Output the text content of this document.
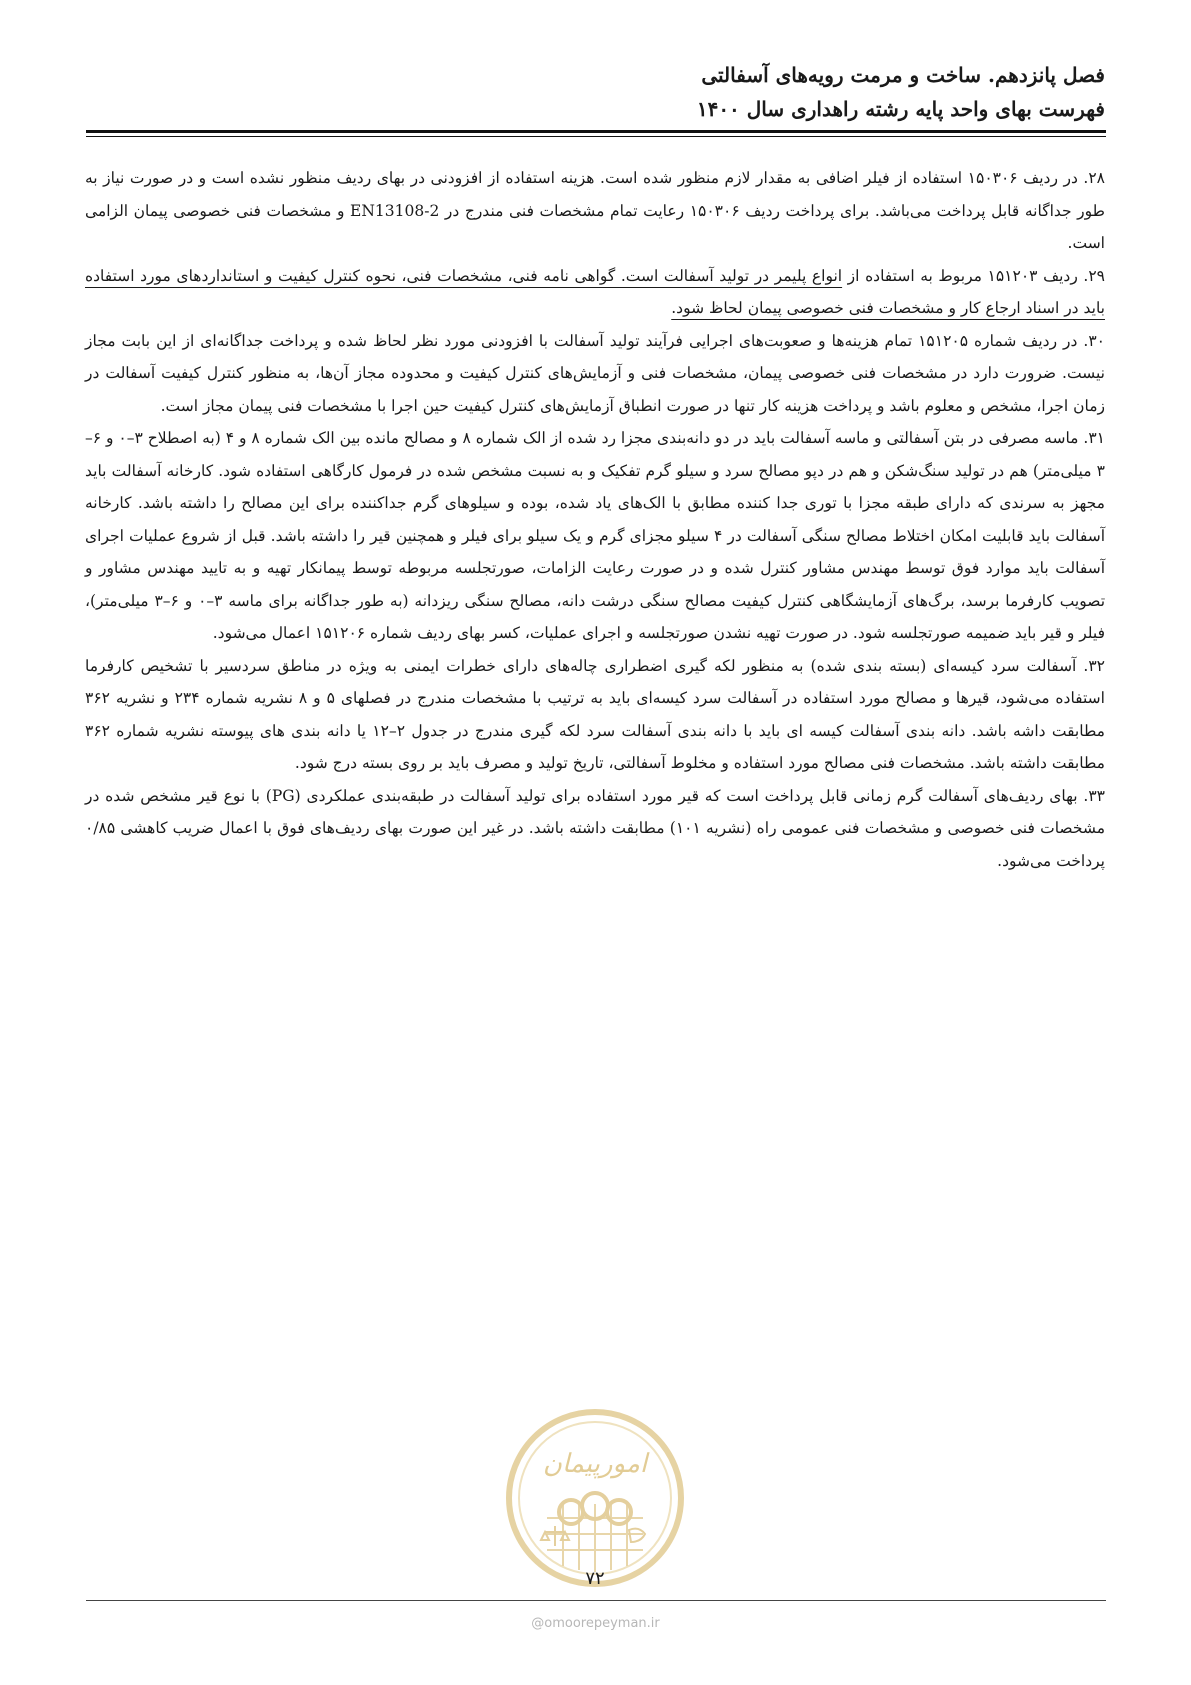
فصل پانزدهم. ساخت و مرمت رویه‌های آسفالتی
فهرست بهای واحد پایه رشته راهداری سال ۱۴۰۰

۲۸. در ردیف ۱۵۰۳۰۶ استفاده از فیلر اضافی به مقدار لازم منظور شده است. هزینه استفاده از افزودنی در بهای ردیف منظور نشده است و در صورت نیاز به طور جداگانه قابل پرداخت می‌باشد. برای پرداخت ردیف ۱۵۰۳۰۶ رعایت تمام مشخصات فنی مندرج در EN13108-2 و مشخصات فنی خصوصی پیمان الزامی است.

۲۹. ردیف ۱۵۱۲۰۳ مربوط به استفاده از انواع پلیمر در تولید آسفالت است. گواهی نامه فنی، مشخصات فنی، نحوه کنترل کیفیت و استانداردهای مورد استفاده باید در اسناد ارجاع کار و مشخصات فنی خصوصی پیمان لحاظ شود.

۳۰. در ردیف شماره ۱۵۱۲۰۵ تمام هزینه‌ها و صعوبت‌های اجرایی فرآیند تولید آسفالت با افزودنی مورد نظر لحاظ شده و پرداخت جداگانه‌ای از این بابت مجاز نیست. ضرورت دارد در مشخصات فنی خصوصی پیمان، مشخصات فنی و آزمایش‌های کنترل کیفیت و محدوده مجاز آن‌ها، به منظور کنترل کیفیت آسفالت در زمان اجرا، مشخص و معلوم باشد و پرداخت هزینه کار تنها در صورت انطباق آزمایش‌های کنترل کیفیت حین اجرا با مشخصات فنی پیمان مجاز است.

۳۱. ماسه مصرفی در بتن آسفالتی و ماسه آسفالت باید در دو دانه‌بندی مجزا رد شده از الک شماره ۸ و مصالح مانده بین الک شماره ۸ و ۴ (به اصطلاح ۳–۰ و ۶–۳ میلی‌متر) هم در تولید سنگ‌شکن و هم در دپو مصالح سرد و سیلو گرم تفکیک و به نسبت مشخص شده در فرمول کارگاهی استفاده شود. کارخانه آسفالت باید مجهز به سرندی که دارای طبقه مجزا با توری جدا کننده مطابق با الک‌های یاد شده، بوده و سیلوهای گرم جداکننده برای این مصالح را داشته باشد. کارخانه آسفالت باید قابلیت امکان اختلاط مصالح سنگی آسفالت در ۴ سیلو مجزای گرم و یک سیلو برای فیلر و همچنین قیر را داشته باشد. قبل از شروع عملیات اجرای آسفالت باید موارد فوق توسط مهندس مشاور کنترل شده و در صورت رعایت الزامات، صورتجلسه مربوطه توسط پیمانکار تهیه و به تایید مهندس مشاور و تصویب کارفرما برسد، برگ‌های آزمایشگاهی کنترل کیفیت مصالح سنگی درشت دانه، مصالح سنگی ریزدانه (به طور جداگانه برای ماسه ۳–۰ و ۶–۳ میلی‌متر)، فیلر و قیر باید ضمیمه صورتجلسه شود. در صورت تهیه نشدن صورتجلسه و اجرای عملیات، کسر بهای ردیف شماره ۱۵۱۲۰۶ اعمال می‌شود.

۳۲. آسفالت سرد کیسه‌ای (بسته بندی شده) به منظور لکه گیری اضطراری چاله‌های دارای خطرات ایمنی به ویژه در مناطق سردسیر با تشخیص کارفرما استفاده می‌شود، قیرها و مصالح مورد استفاده در آسفالت سرد کیسه‌ای باید به ترتیب با مشخصات مندرج در فصلهای ۵ و ۸ نشریه شماره ۲۳۴ و نشریه ۳۶۲ مطابقت داشه باشد. دانه بندی آسفالت کیسه ای باید با دانه بندی آسفالت سرد لکه گیری مندرج در جدول ۲–۱۲ یا دانه بندی های پیوسته نشریه شماره ۳۶۲ مطابقت داشته باشد. مشخصات فنی مصالح مورد استفاده و مخلوط آسفالتی، تاریخ تولید و مصرف باید بر روی بسته درج شود.

۳۳. بهای ردیف‌های آسفالت گرم زمانی قابل پرداخت است که قیر مورد استفاده برای تولید آسفالت در طبقه‌بندی عملکردی (PG) با نوع قیر مشخص شده در مشخصات فنی خصوصی و مشخصات فنی عمومی راه (نشریه ۱۰۱) مطابقت داشته باشد. در غیر این صورت بهای ردیف‌های فوق با اعمال ضریب کاهشی ۰/۸۵ پرداخت می‌شود.

امورپیمان
۷۲
@omoorepeyman.ir
